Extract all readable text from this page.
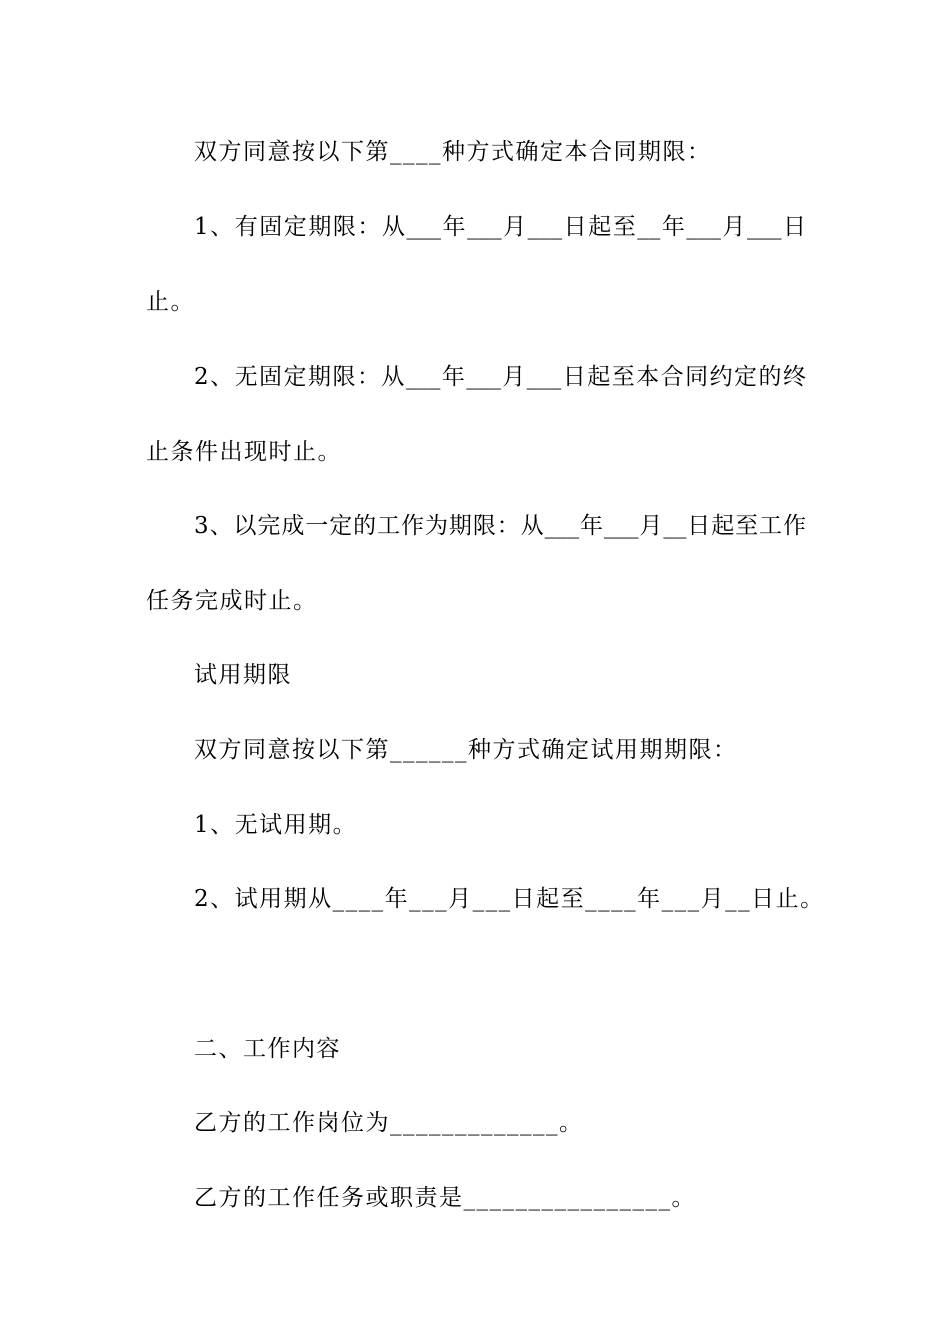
双方同意按以下第____种方式确定本合同期限：
1、有固定期限：从___年___月___日起至__年___月___日
止。
2、无固定期限：从___年___月___日起至本合同约定的终
止条件出现时止。
3、以完成一定的工作为期限：从___年___月__日起至工作
任务完成时止。
试用期限
双方同意按以下第______种方式确定试用期期限：
1、无试用期。
2、试用期从____年___月___日起至____年___月__日止。
二、工作内容
乙方的工作岗位为_____________。
乙方的工作任务或职责是________________。
